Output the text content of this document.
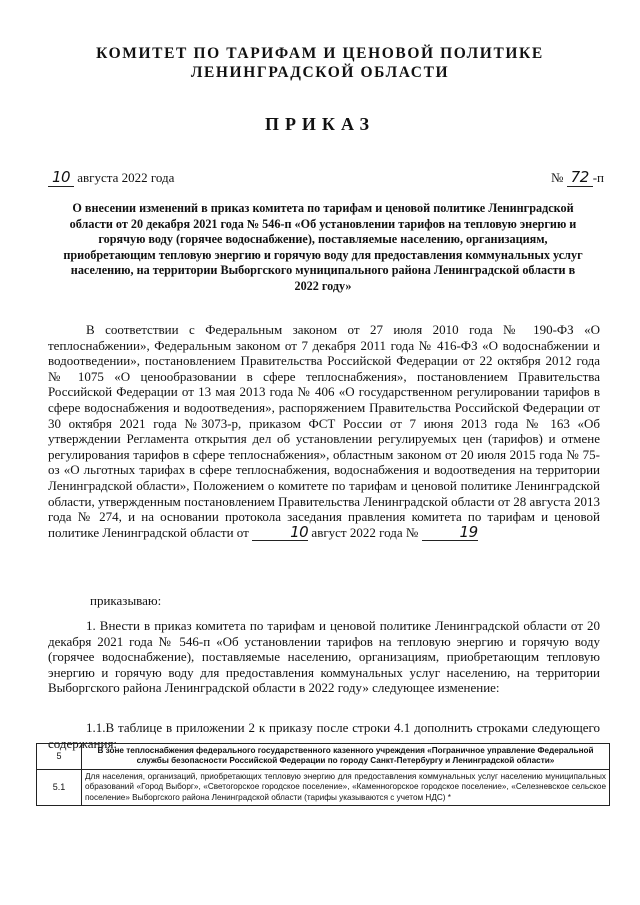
КОМИТЕТ ПО ТАРИФАМ И ЦЕНОВОЙ ПОЛИТИКЕ
ЛЕНИНГРАДСКОЙ ОБЛАСТИ
ПРИКАЗ
10 августа 2022 года	№ 72 -п
О внесении изменений в приказ комитета по тарифам и ценовой политике Ленинградской области от 20 декабря 2021 года № 546-п «Об установлении тарифов на тепловую энергию и горячую воду (горячее водоснабжение), поставляемые населению, организациям, приобретающим тепловую энергию и горячую воду для предоставления коммунальных услуг населению, на территории Выборгского муниципального района Ленинградской области в 2022 году»
В соответствии с Федеральным законом от 27 июля 2010 года № 190-ФЗ «О теплоснабжении», Федеральным законом от 7 декабря 2011 года № 416-ФЗ «О водоснабжении и водоотведении», постановлением Правительства Российской Федерации от 22 октября 2012 года № 1075 «О ценообразовании в сфере теплоснабжения», постановлением Правительства Российской Федерации от 13 мая 2013 года № 406 «О государственном регулировании тарифов в сфере водоснабжения и водоотведения», распоряжением Правительства Российской Федерации от 30 октября 2021 года №3073-р, приказом ФСТ России от 7 июня 2013 года № 163 «Об утверждении Регламента открытия дел об установлении регулируемых цен (тарифов) и отмене регулирования тарифов в сфере теплоснабжения», областным законом от 20 июля 2015 года № 75-оз «О льготных тарифах в сфере теплоснабжения, водоснабжения и водоотведения на территории Ленинградской области», Положением о комитете по тарифам и ценовой политике Ленинградской области, утвержденным постановлением Правительства Ленинградской области от 28 августа 2013 года № 274, и на основании протокола заседания правления комитета по тарифам и ценовой политике Ленинградской области от	10 август 2022 года №	19
приказываю:
1. Внести в приказ комитета по тарифам и ценовой политике Ленинградской области от 20 декабря 2021 года № 546-п «Об установлении тарифов на тепловую энергию и горячую воду (горячее водоснабжение), поставляемые населению, организациям, приобретающим тепловую энергию и горячую воду для предоставления коммунальных услуг населению, на территории Выборгского района Ленинградской области в 2022 году» следующее изменение:
1.1.В таблице в приложении 2 к приказу после строки 4.1 дополнить строками следующего содержания:
5	В зоне теплоснабжения федерального государственного казенного учреждения «Пограничное управление Федеральной службы безопасности Российской Федерации по городу Санкт-Петербургу и Ленинградской области»
5.1	Для населения, организаций, приобретающих тепловую энергию для предоставления коммунальных услуг населению муниципальных образований «Город Выборг», «Светогорское городское поселение», «Каменногорское городское поселение», «Селезневское сельское поселение» Выборгского района Ленинградской области (тарифы указываются с учетом НДС) *
